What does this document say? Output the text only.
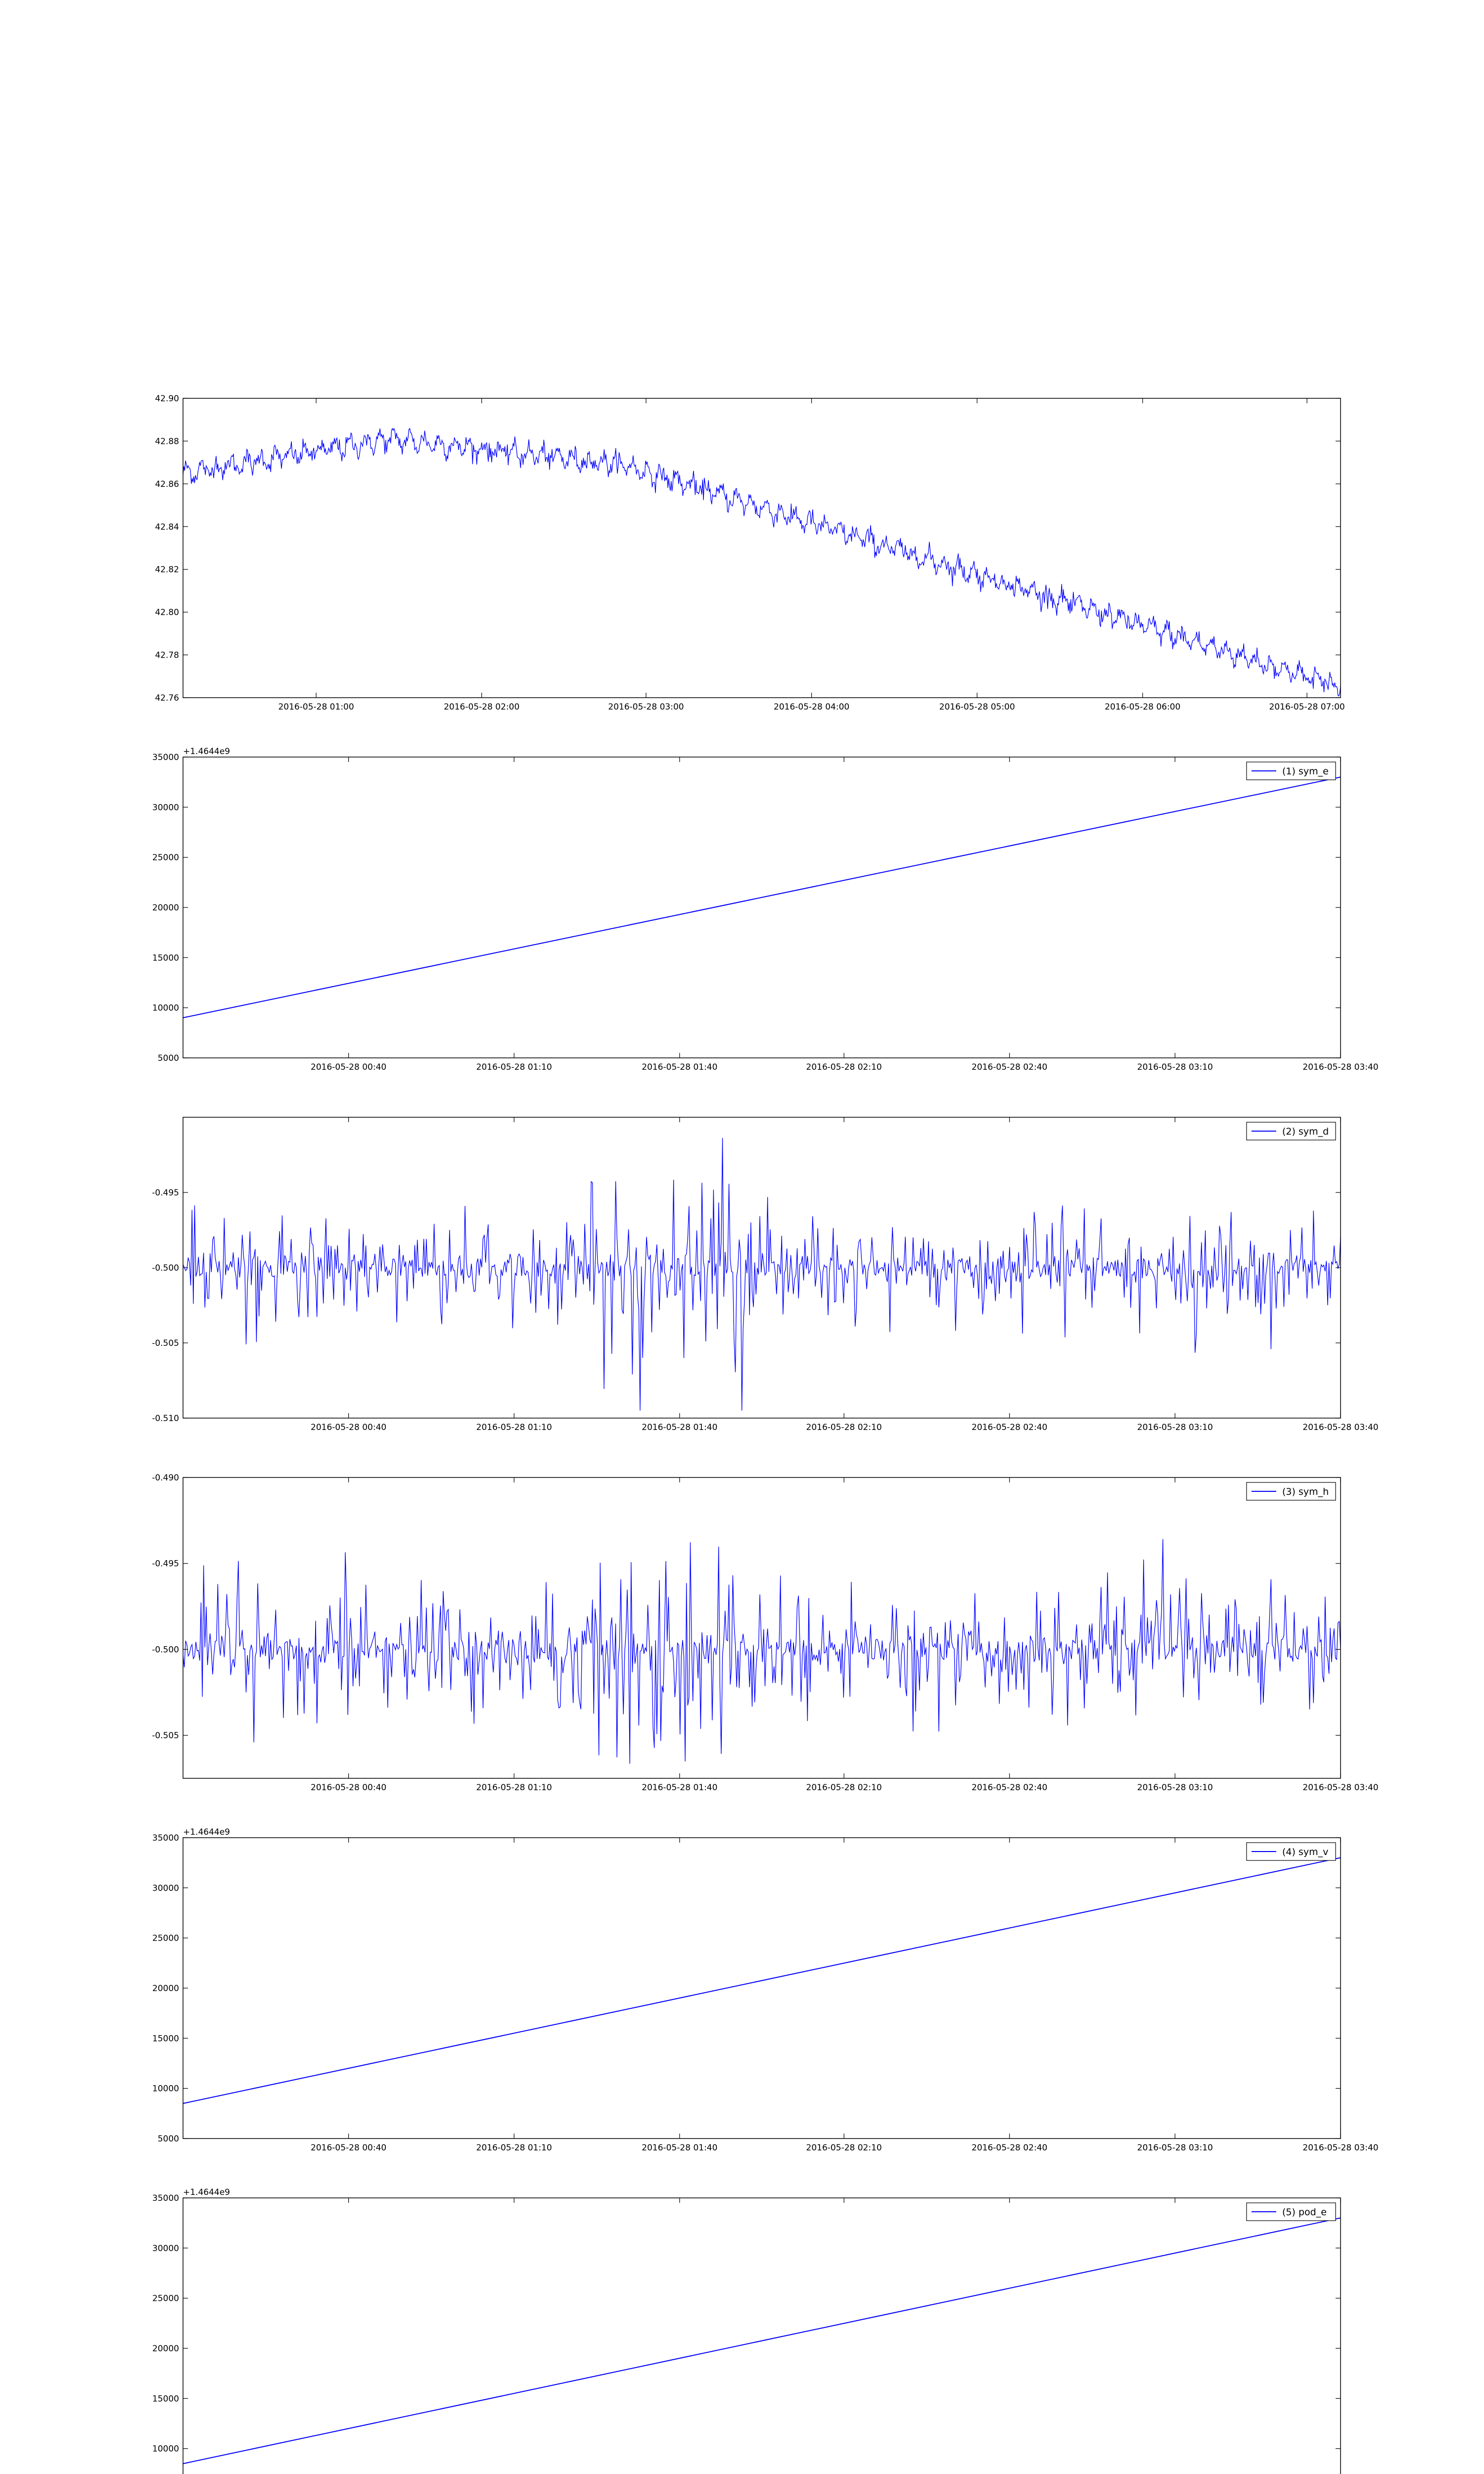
42.76
42.78
42.80
42.82
42.84
42.86
42.88
42.90
2016-05-28 01:00	2016-05-28 02:00	2016-05-28 03:00	2016-05-28 04:00	2016-05-28 05:00	2016-05-28 06:00	2016-05-28 07:00
5000
10000
15000
20000
25000
30000
35000
2016-05-28 00:40	2016-05-28 01:10	2016-05-28 01:40	2016-05-28 02:10	2016-05-28 02:40	2016-05-28 03:10	2016-05-28 03:40
+1.4644e9
(1) sym_e
-0.510
-0.505
-0.500
-0.495
2016-05-28 00:40	2016-05-28 01:10	2016-05-28 01:40	2016-05-28 02:10	2016-05-28 02:40	2016-05-28 03:10	2016-05-28 03:40
(2) sym_d
-0.505
-0.500
-0.495
-0.490
2016-05-28 00:40	2016-05-28 01:10	2016-05-28 01:40	2016-05-28 02:10	2016-05-28 02:40	2016-05-28 03:10	2016-05-28 03:40
(3) sym_h
5000
10000
15000
20000
25000
30000
35000
2016-05-28 00:40	2016-05-28 01:10	2016-05-28 01:40	2016-05-28 02:10	2016-05-28 02:40	2016-05-28 03:10	2016-05-28 03:40
+1.4644e9
(4) sym_v
10000
15000
20000
25000
30000
35000
+1.4644e9
(5) pod_e
